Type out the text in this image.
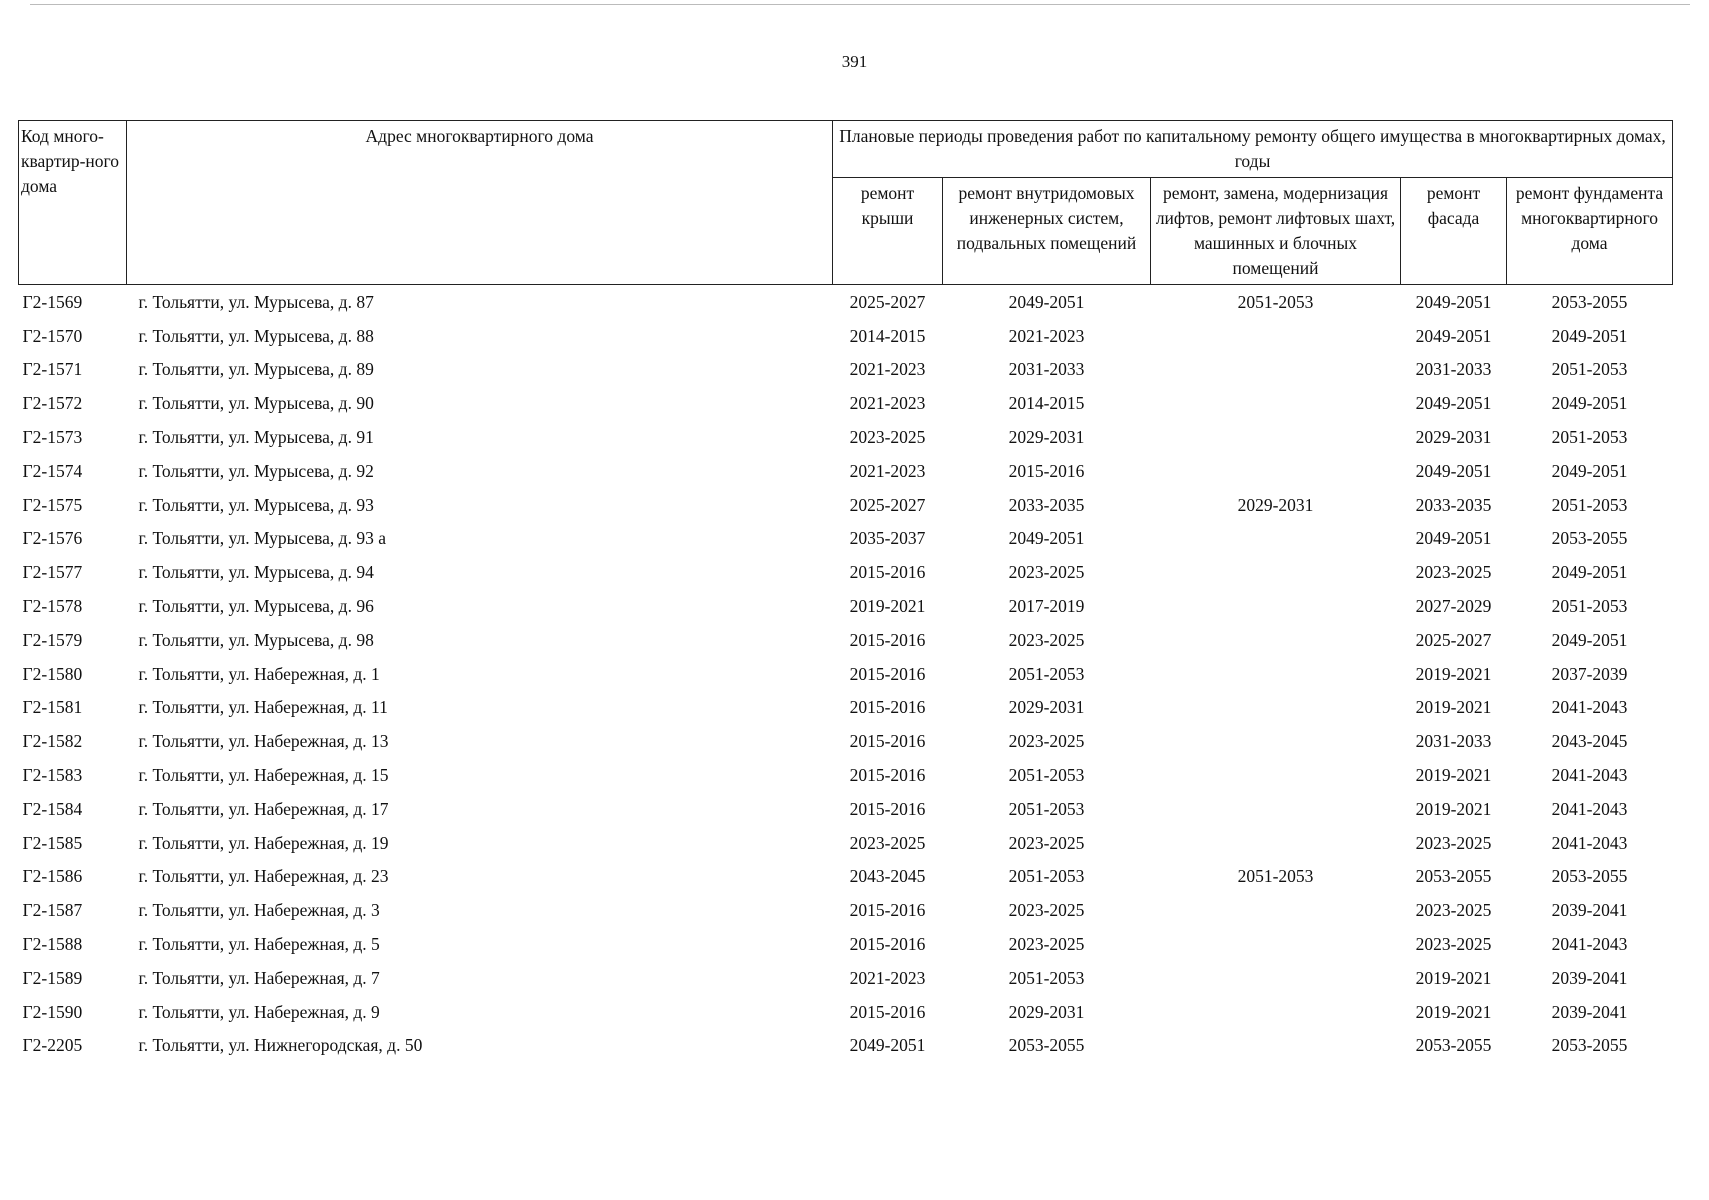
391
Код много-квартир-ного дома	Адрес многоквартирного дома	Плановые периоды проведения работ по капитальному ремонту общего имущества в многоквартирных домах, годы				
		ремонт крыши	ремонт внутридомовых инженерных систем, подвальных помещений	ремонт, замена, модернизация лифтов, ремонт лифтовых шахт, машинных и блочных помещений	ремонт фасада	ремонт фундамента многоквартирного дома
Г2-1569	г. Тольятти, ул. Мурысева, д. 87	2025-2027	2049-2051	2051-2053	2049-2051	2053-2055
Г2-1570	г. Тольятти, ул. Мурысева, д. 88	2014-2015	2021-2023		2049-2051	2049-2051
Г2-1571	г. Тольятти, ул. Мурысева, д. 89	2021-2023	2031-2033		2031-2033	2051-2053
Г2-1572	г. Тольятти, ул. Мурысева, д. 90	2021-2023	2014-2015		2049-2051	2049-2051
Г2-1573	г. Тольятти, ул. Мурысева, д. 91	2023-2025	2029-2031		2029-2031	2051-2053
Г2-1574	г. Тольятти, ул. Мурысева, д. 92	2021-2023	2015-2016		2049-2051	2049-2051
Г2-1575	г. Тольятти, ул. Мурысева, д. 93	2025-2027	2033-2035	2029-2031	2033-2035	2051-2053
Г2-1576	г. Тольятти, ул. Мурысева, д. 93 а	2035-2037	2049-2051		2049-2051	2053-2055
Г2-1577	г. Тольятти, ул. Мурысева, д. 94	2015-2016	2023-2025		2023-2025	2049-2051
Г2-1578	г. Тольятти, ул. Мурысева, д. 96	2019-2021	2017-2019		2027-2029	2051-2053
Г2-1579	г. Тольятти, ул. Мурысева, д. 98	2015-2016	2023-2025		2025-2027	2049-2051
Г2-1580	г. Тольятти, ул. Набережная, д. 1	2015-2016	2051-2053		2019-2021	2037-2039
Г2-1581	г. Тольятти, ул. Набережная, д. 11	2015-2016	2029-2031		2019-2021	2041-2043
Г2-1582	г. Тольятти, ул. Набережная, д. 13	2015-2016	2023-2025		2031-2033	2043-2045
Г2-1583	г. Тольятти, ул. Набережная, д. 15	2015-2016	2051-2053		2019-2021	2041-2043
Г2-1584	г. Тольятти, ул. Набережная, д. 17	2015-2016	2051-2053		2019-2021	2041-2043
Г2-1585	г. Тольятти, ул. Набережная, д. 19	2023-2025	2023-2025		2023-2025	2041-2043
Г2-1586	г. Тольятти, ул. Набережная, д. 23	2043-2045	2051-2053	2051-2053	2053-2055	2053-2055
Г2-1587	г. Тольятти, ул. Набережная, д. 3	2015-2016	2023-2025		2023-2025	2039-2041
Г2-1588	г. Тольятти, ул. Набережная, д. 5	2015-2016	2023-2025		2023-2025	2041-2043
Г2-1589	г. Тольятти, ул. Набережная, д. 7	2021-2023	2051-2053		2019-2021	2039-2041
Г2-1590	г. Тольятти, ул. Набережная, д. 9	2015-2016	2029-2031		2019-2021	2039-2041
Г2-2205	г. Тольятти, ул. Нижнегородская, д. 50	2049-2051	2053-2055		2053-2055	2053-2055
